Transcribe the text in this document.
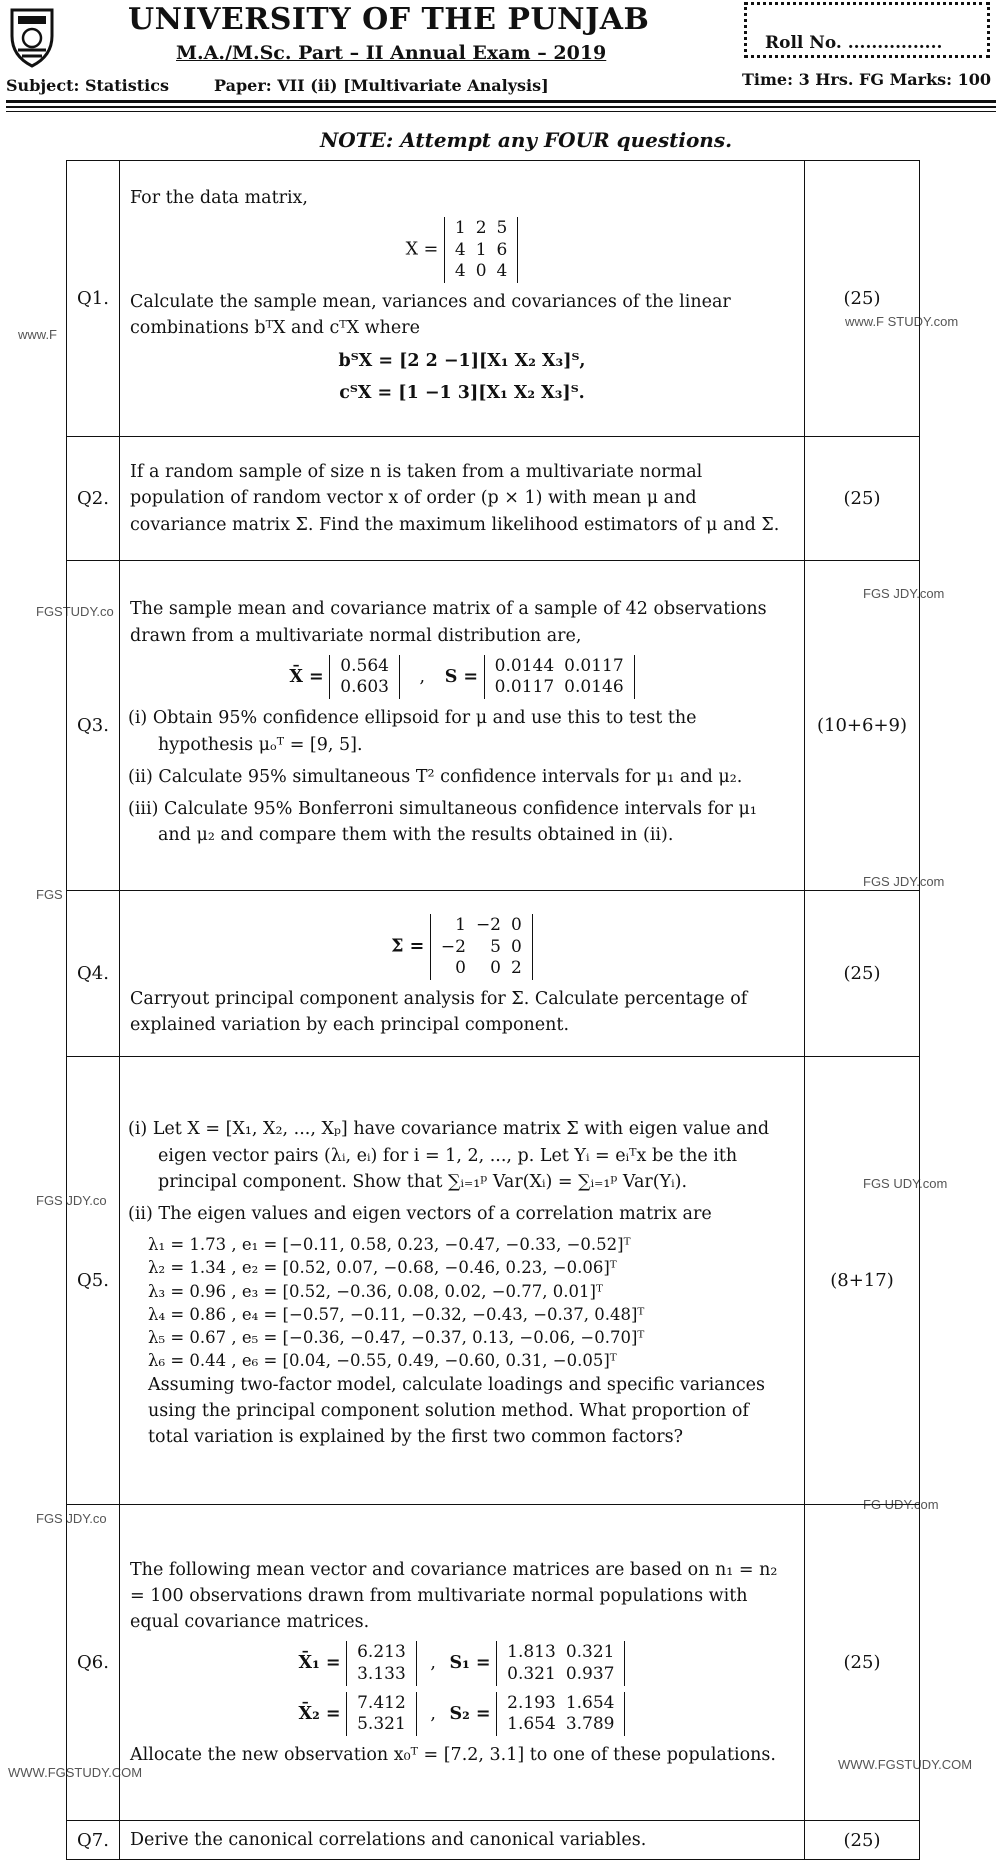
UNIVERSITY OF THE PUNJAB
M.A./M.Sc. Part – II Annual Exam – 2019	Roll No. ................
Subject: Statistics	Paper: VII (ii) [Multivariate Analysis]	Time: 3 Hrs. FG Marks: 100
NOTE: Attempt any FOUR questions.
www.F
www.F STUDY.com
FGSTUDY.co
FGS JDY.com
FGS
FGS JDY.com
FGS JDY.co
FGS UDY.com
FGS JDY.co
FG UDY.com
WWW.FGSTUDY.COM
WWW.FGSTUDY.COM
Q1.	
For the data matrix,
X =
1	2	5
4	1	6
4	0	4
Calculate the sample mean, variances and covariances of the linear combinations bᵀX and cᵀX where
bᵀX = [2 2 −1][X₁ X₂ X₃]ᵀ,
cᵀX = [1 −1 3][X₁ X₂ X₃]ᵀ.
	(25)
Q2.	If a random sample of size n is taken from a multivariate normal population of random vector x of order (p × 1) with mean μ and covariance matrix Σ. Find the maximum likelihood estimators of μ and Σ.	(25)
Q3.	
The sample mean and covariance matrix of a sample of 42 observations drawn from a multivariate normal distribution are,
X̄ =
0.564
0.603
, S =
0.0144	0.0117
0.0117	0.0146
(i) Obtain 95% confidence ellipsoid for μ and use this to test the hypothesis μₒᵀ = [9, 5].
(ii) Calculate 95% simultaneous T² confidence intervals for μ₁ and μ₂.
(iii) Calculate 95% Bonferroni simultaneous confidence intervals for μ₁ and μ₂ and compare them with the results obtained in (ii).
	(10+6+9)
Q4.	
Σ =
1	−2	0
−2	5	0
0	0	2
Carryout principal component analysis for Σ. Calculate percentage of explained variation by each principal component.
	(25)
Q5.	
(i) Let X = [X₁, X₂, ..., Xₚ] have covariance matrix Σ with eigen value and eigen vector pairs (λᵢ, eᵢ) for i = 1, 2, ..., p. Let Yᵢ = eᵢᵀx be the ith principal component. Show that ∑ᵢ₌₁ᵖ Var(Xᵢ) = ∑ᵢ₌₁ᵖ Var(Yᵢ).
(ii) The eigen values and eigen vectors of a correlation matrix are
λ₁ = 1.73 , e₁ = [−0.11, 0.58, 0.23, −0.47, −0.33, −0.52]ᵀ
λ₂ = 1.34 , e₂ = [0.52, 0.07, −0.68, −0.46, 0.23, −0.06]ᵀ
λ₃ = 0.96 , e₃ = [0.52, −0.36, 0.08, 0.02, −0.77, 0.01]ᵀ
λ₄ = 0.86 , e₄ = [−0.57, −0.11, −0.32, −0.43, −0.37, 0.48]ᵀ
λ₅ = 0.67 , e₅ = [−0.36, −0.47, −0.37, 0.13, −0.06, −0.70]ᵀ
λ₆ = 0.44 , e₆ = [0.04, −0.55, 0.49, −0.60, 0.31, −0.05]ᵀ
Assuming two-factor model, calculate loadings and specific variances using the principal component solution method. What proportion of total variation is explained by the first two common factors?
	(8+17)
Q6.	
The following mean vector and covariance matrices are based on n₁ = n₂ = 100 observations drawn from multivariate normal populations with equal covariance matrices.
X̄₁ =
6.213
3.133
, S₁ =
1.813	0.321
0.321	0.937
X̄₂ =
7.412
5.321
, S₂ =
2.193	1.654
1.654	3.789
Allocate the new observation x₀ᵀ = [7.2, 3.1] to one of these populations.
	(25)
Q7.	Derive the canonical correlations and canonical variables.	(25)
